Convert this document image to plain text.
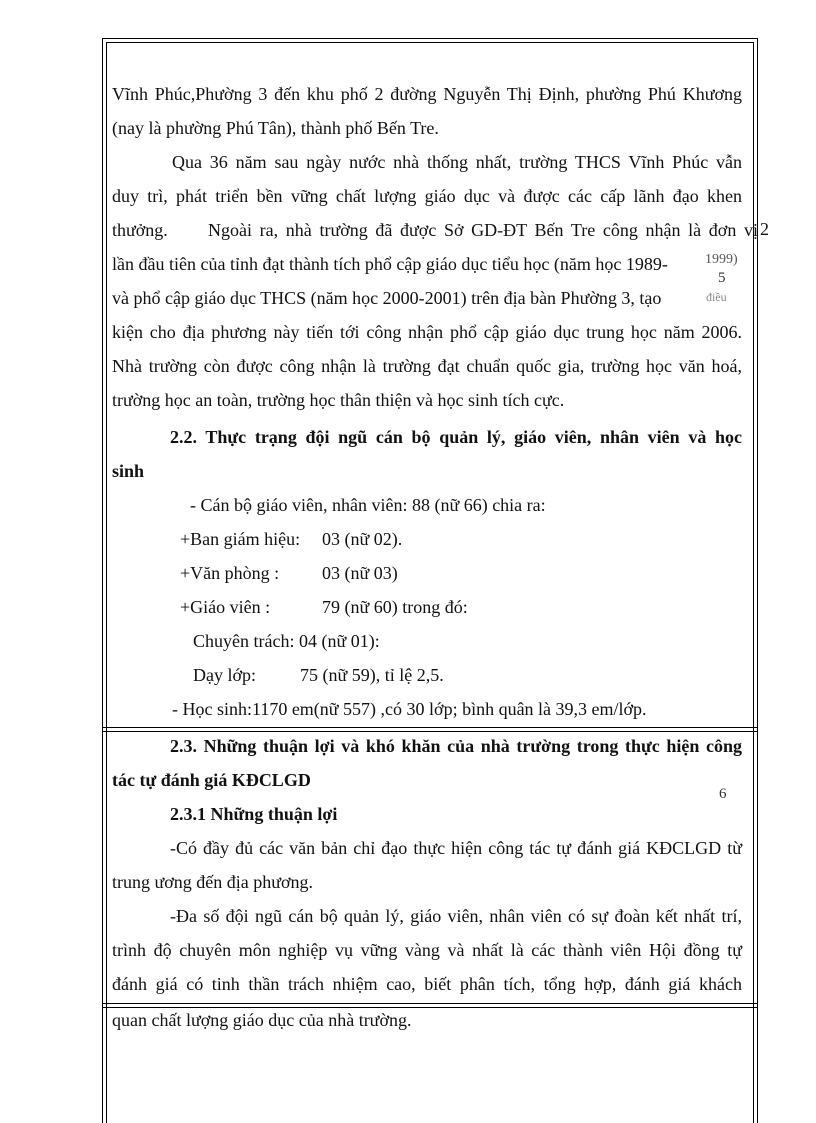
Vĩnh Phúc,Phường 3 đến khu phố 2 đường Nguyễn Thị Định, phường Phú Khương
(nay là phường Phú Tân), thành phố Bến Tre.
Qua 36 năm sau ngày nước nhà thống nhất, trường THCS Vĩnh Phúc vẫn
duy trì, phát triển bền vững chất lượng giáo dục và được các cấp lãnh đạo khen
thưởng. Ngoài ra, nhà trường đã được Sở GD-ĐT Bến Tre công nhận là đơn vị 2
lần đầu tiên của tỉnh đạt thành tích phổ cập giáo dục tiểu học (năm học 1989-	1999)
5
và phổ cập giáo dục THCS (năm học 2000-2001) trên địa bàn Phường 3, tạo	điều
kiện cho địa phương này tiến tới công nhận phổ cập giáo dục trung học năm 2006.
Nhà trường còn được công nhận là trường đạt chuẩn quốc gia, trường học văn hoá,
trường học an toàn, trường học thân thiện và học sinh tích cực.
2.2. Thực trạng đội ngũ cán bộ quản lý, giáo viên, nhân viên và học
sinh
- Cán bộ giáo viên, nhân viên: 88 (nữ 66) chia ra:
+Ban giám hiệu:	03 (nữ 02).
+Văn phòng :	03 (nữ 03)
+Giáo viên :	79 (nữ 60) trong đó:
Chuyên trách: 04 (nữ 01):
Dạy lớp:	75 (nữ 59), tỉ lệ 2,5.
- Học sinh:1170 em(nữ 557) ,có 30 lớp; bình quân là 39,3 em/lớp.
2.3. Những thuận lợi và khó khăn của nhà trường trong thực hiện công
tác tự đánh giá KĐCLGD
6
2.3.1 Những thuận lợi
-Có đầy đủ các văn bản chỉ đạo thực hiện công tác tự đánh giá KĐCLGD từ
trung ương đến địa phương.
-Đa số đội ngũ cán bộ quản lý, giáo viên, nhân viên có sự đoàn kết nhất trí,
trình độ chuyên môn nghiệp vụ vững vàng và nhất là các thành viên Hội đồng tự
đánh giá có tinh thần trách nhiệm cao, biết phân tích, tổng hợp, đánh giá khách
quan chất lượng giáo dục của nhà trường.
